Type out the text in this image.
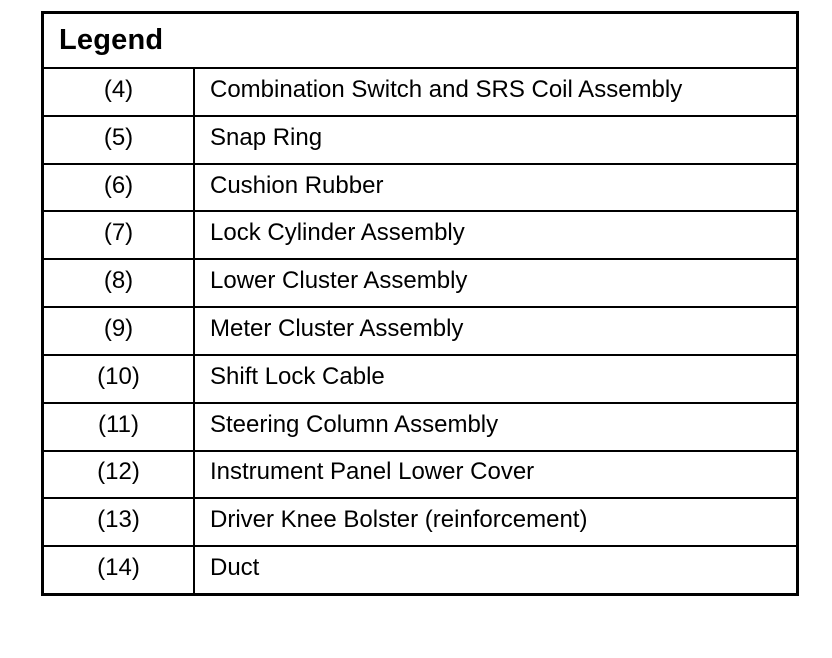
Legend
(4)	Combination Switch and SRS Coil Assembly
(5)	Snap Ring
(6)	Cushion Rubber
(7)	Lock Cylinder Assembly
(8)	Lower Cluster Assembly
(9)	Meter Cluster Assembly
(10)	Shift Lock Cable
(11)	Steering Column Assembly
(12)	Instrument Panel Lower Cover
(13)	Driver Knee Bolster (reinforcement)
(14)	Duct
